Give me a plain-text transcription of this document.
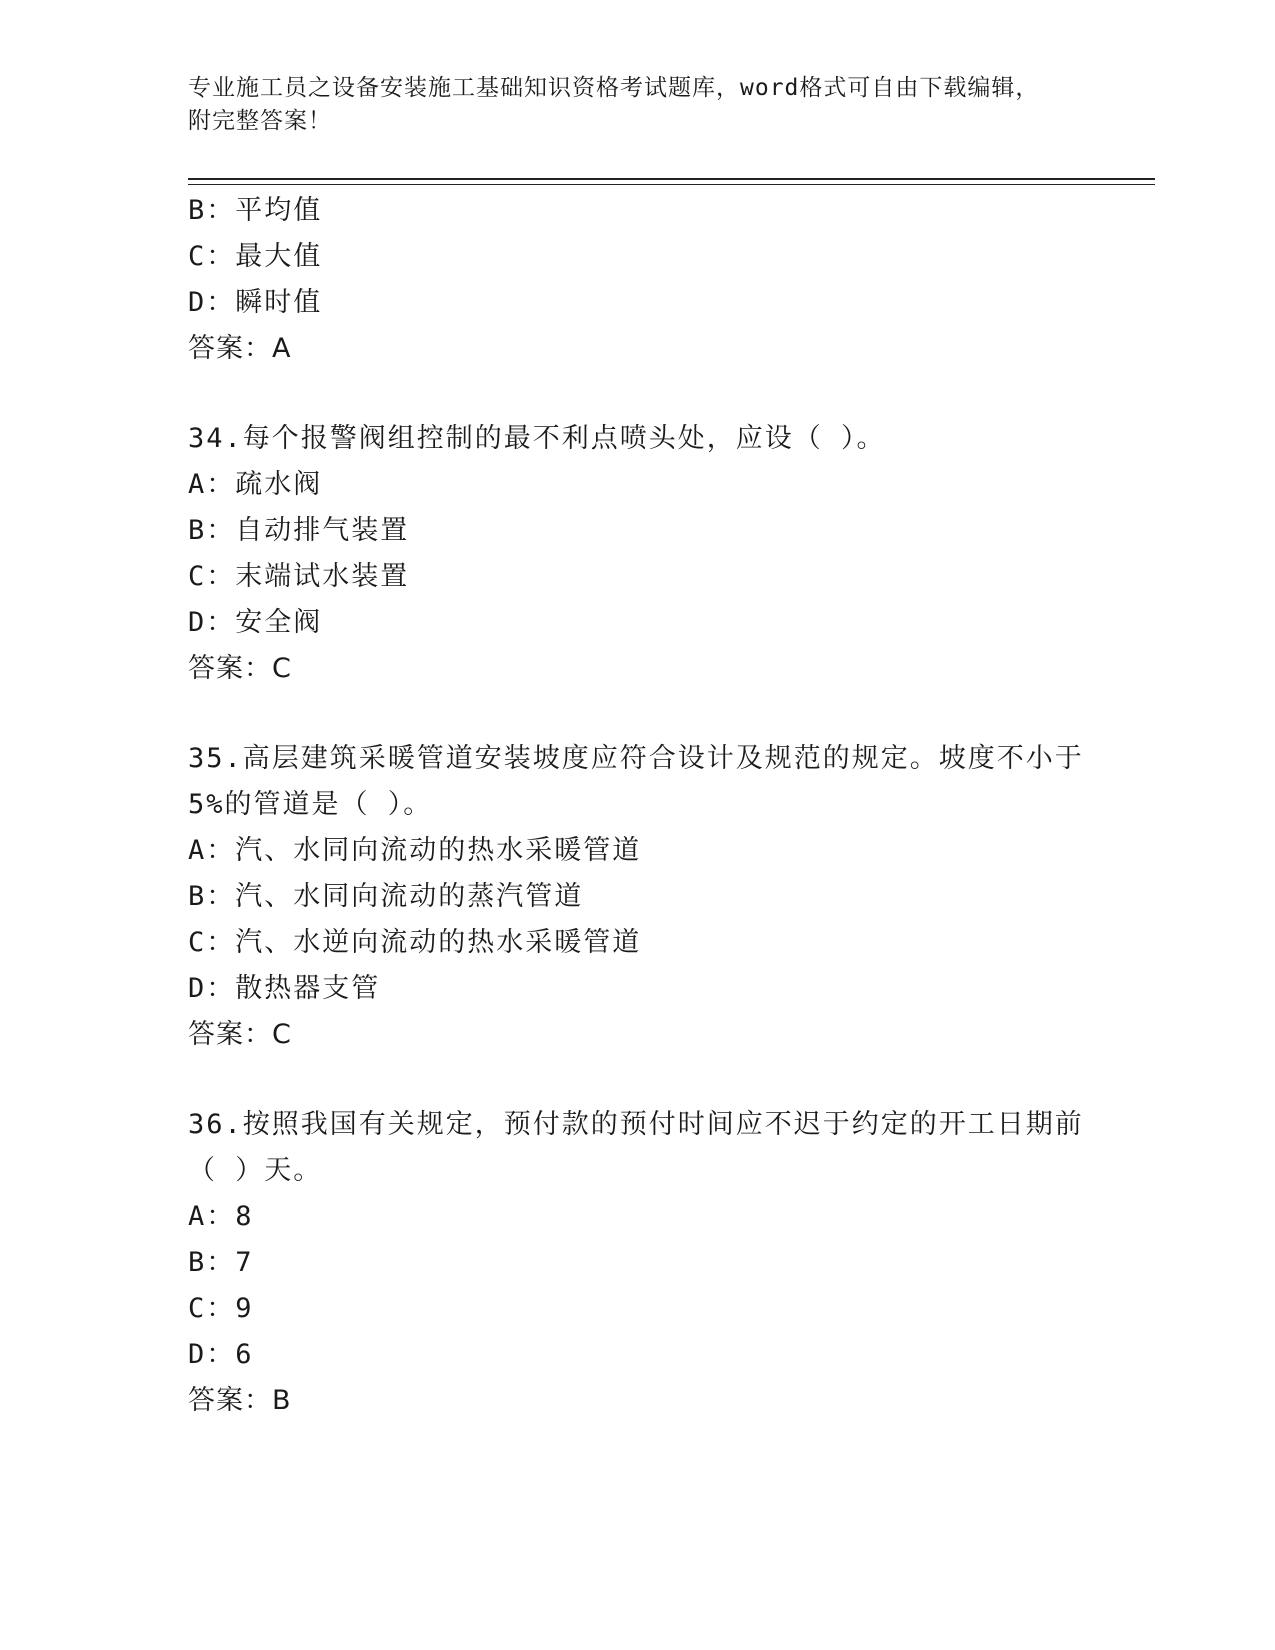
专业施工员之设备安装施工基础知识资格考试题库，word格式可自由下载编辑，
附完整答案！
B：平均值
C：最大值
D：瞬时值
答案：A
34.每个报警阀组控制的最不利点喷头处，应设（ ）。
A：疏水阀
B：自动排气装置
C：末端试水装置
D：安全阀
答案：C
35.高层建筑采暖管道安装坡度应符合设计及规范的规定。坡度不小于
5%的管道是（ ）。
A：汽、水同向流动的热水采暖管道
B：汽、水同向流动的蒸汽管道
C：汽、水逆向流动的热水采暖管道
D：散热器支管
答案：C
36.按照我国有关规定，预付款的预付时间应不迟于约定的开工日期前
（ ）天。
A：8
B：7
C：9
D：6
答案：B
